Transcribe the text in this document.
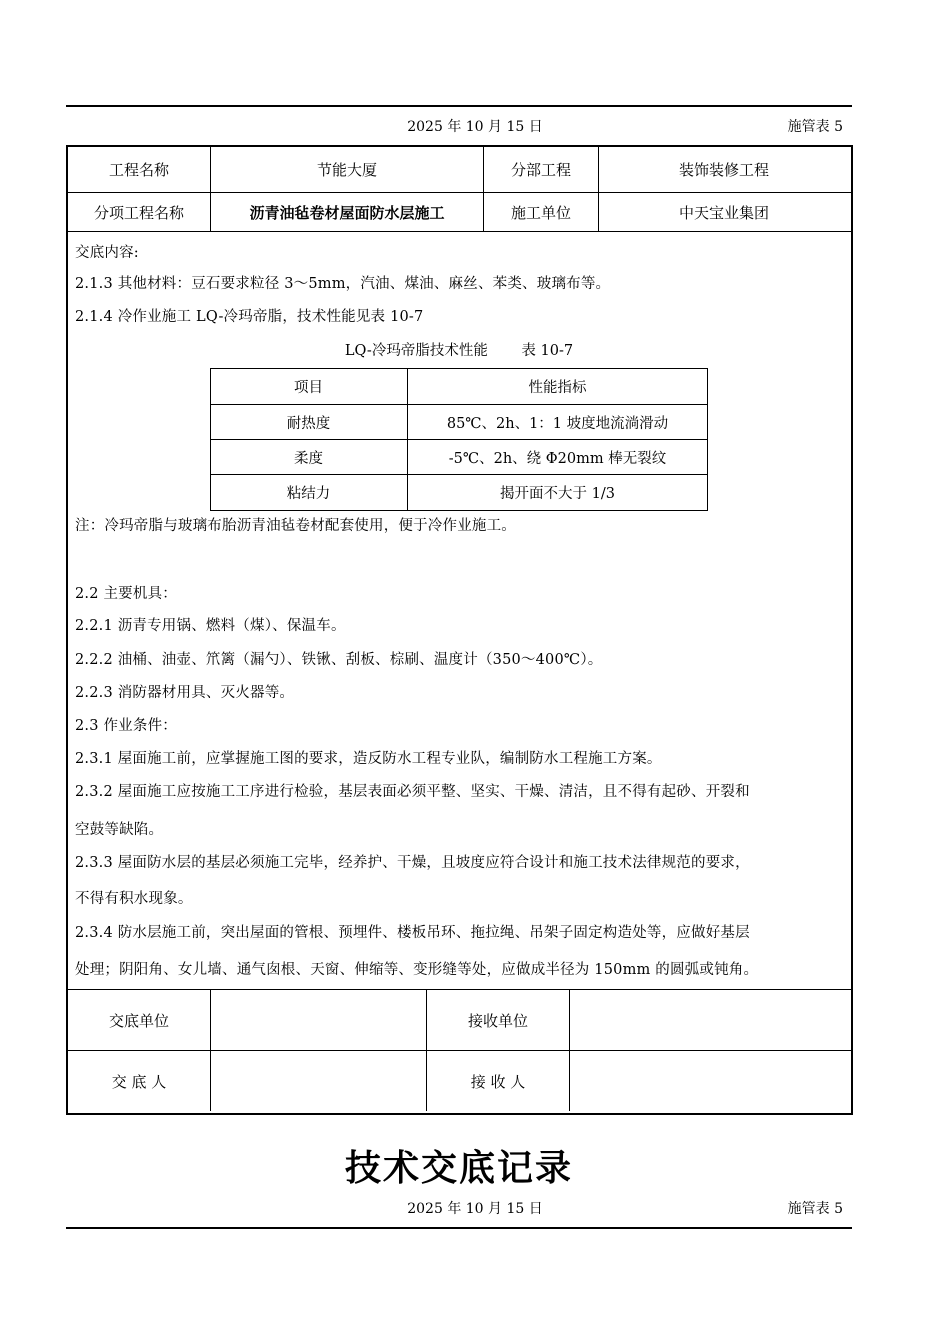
2025 年 10 月 15 日	施管表 5
工程名称	节能大厦	分部工程	装饰装修工程
分项工程名称	沥青油毡卷材屋面防水层施工	施工单位	中天宝业集团
交底内容:
2.1.3 其他材料：豆石要求粒径 3～5mm，汽油、煤油、麻丝、苯类、玻璃布等。
2.1.4 冷作业施工 LQ-冷玛帝脂，技术性能见表 10-7
LQ-冷玛帝脂技术性能　　 表 10-7
项目	性能指标
耐热度	85℃、2h、1：1 坡度地流淌滑动
柔度	-5℃、2h、绕 Φ20mm 棒无裂纹
粘结力	揭开面不大于 1/3
注：冷玛帝脂与玻璃布胎沥青油毡卷材配套使用，便于冷作业施工。
2.2 主要机具：
2.2.1 沥青专用锅、燃料（煤）、保温车。
2.2.2 油桶、油壶、笊篱（漏勺）、铁锹、刮板、棕刷、温度计（350～400℃）。
2.2.3 消防器材用具、灭火器等。
2.3 作业条件：
2.3.1 屋面施工前，应掌握施工图的要求，造反防水工程专业队，编制防水工程施工方案。
2.3.2 屋面施工应按施工工序进行检验，基层表面必须平整、坚实、干燥、清洁，且不得有起砂、开裂和
空鼓等缺陷。
2.3.3 屋面防水层的基层必须施工完毕，经养护、干燥，且坡度应符合设计和施工技术法律规范的要求，
不得有积水现象。
2.3.4 防水层施工前，突出屋面的管根、预埋件、楼板吊环、拖拉绳、吊架子固定构造处等，应做好基层
处理；阴阳角、女儿墙、通气囱根、天窗、伸缩等、变形缝等处，应做成半径为 150mm 的圆弧或钝角。
交底单位	接收单位
交 底 人	接 收 人
技术交底记录
2025 年 10 月 15 日	施管表 5
